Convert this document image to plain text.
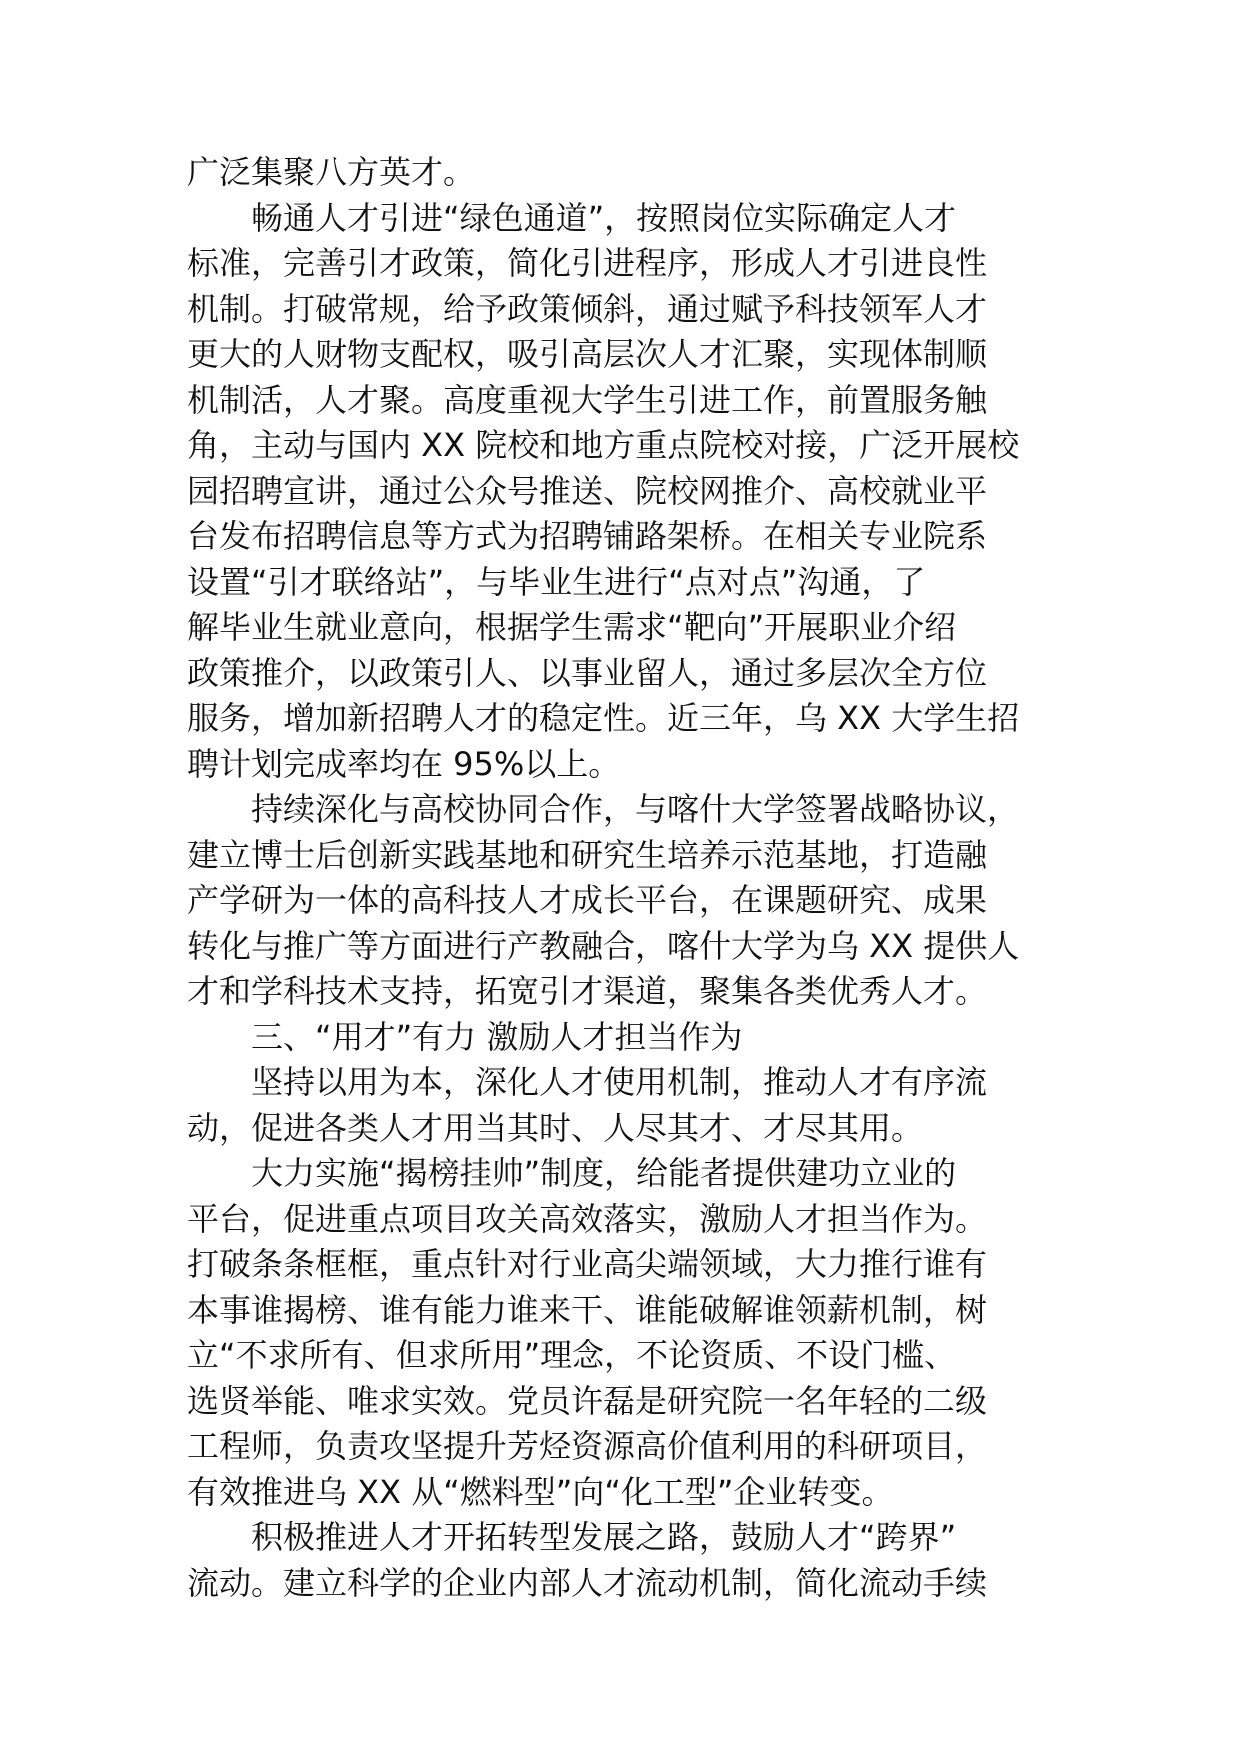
广泛集聚八方英才。
畅通人才引进“绿色通道”，按照岗位实际确定人才
标准，完善引才政策，简化引进程序，形成人才引进良性
机制。打破常规，给予政策倾斜，通过赋予科技领军人才
更大的人财物支配权，吸引高层次人才汇聚，实现体制顺
机制活，人才聚。高度重视大学生引进工作，前置服务触
角，主动与国内 XX 院校和地方重点院校对接，广泛开展校
园招聘宣讲，通过公众号推送、院校网推介、高校就业平
台发布招聘信息等方式为招聘铺路架桥。在相关专业院系
设置“引才联络站”，与毕业生进行“点对点”沟通，了
解毕业生就业意向，根据学生需求“靶向”开展职业介绍
政策推介，以政策引人、以事业留人，通过多层次全方位
服务，增加新招聘人才的稳定性。近三年，乌 XX 大学生招
聘计划完成率均在 95%以上。
持续深化与高校协同合作，与喀什大学签署战略协议，
建立博士后创新实践基地和研究生培养示范基地，打造融
产学研为一体的高科技人才成长平台，在课题研究、成果
转化与推广等方面进行产教融合，喀什大学为乌 XX 提供人
才和学科技术支持，拓宽引才渠道，聚集各类优秀人才。
三、“用才”有力 激励人才担当作为
坚持以用为本，深化人才使用机制，推动人才有序流
动，促进各类人才用当其时、人尽其才、才尽其用。
大力实施“揭榜挂帅”制度，给能者提供建功立业的
平台，促进重点项目攻关高效落实，激励人才担当作为。
打破条条框框，重点针对行业高尖端领域，大力推行谁有
本事谁揭榜、谁有能力谁来干、谁能破解谁领薪机制，树
立“不求所有、但求所用”理念，不论资质、不设门槛、
选贤举能、唯求实效。党员许磊是研究院一名年轻的二级
工程师，负责攻坚提升芳烃资源高价值利用的科研项目，
有效推进乌 XX 从“燃料型”向“化工型”企业转变。
积极推进人才开拓转型发展之路，鼓励人才“跨界”
流动。建立科学的企业内部人才流动机制，简化流动手续
